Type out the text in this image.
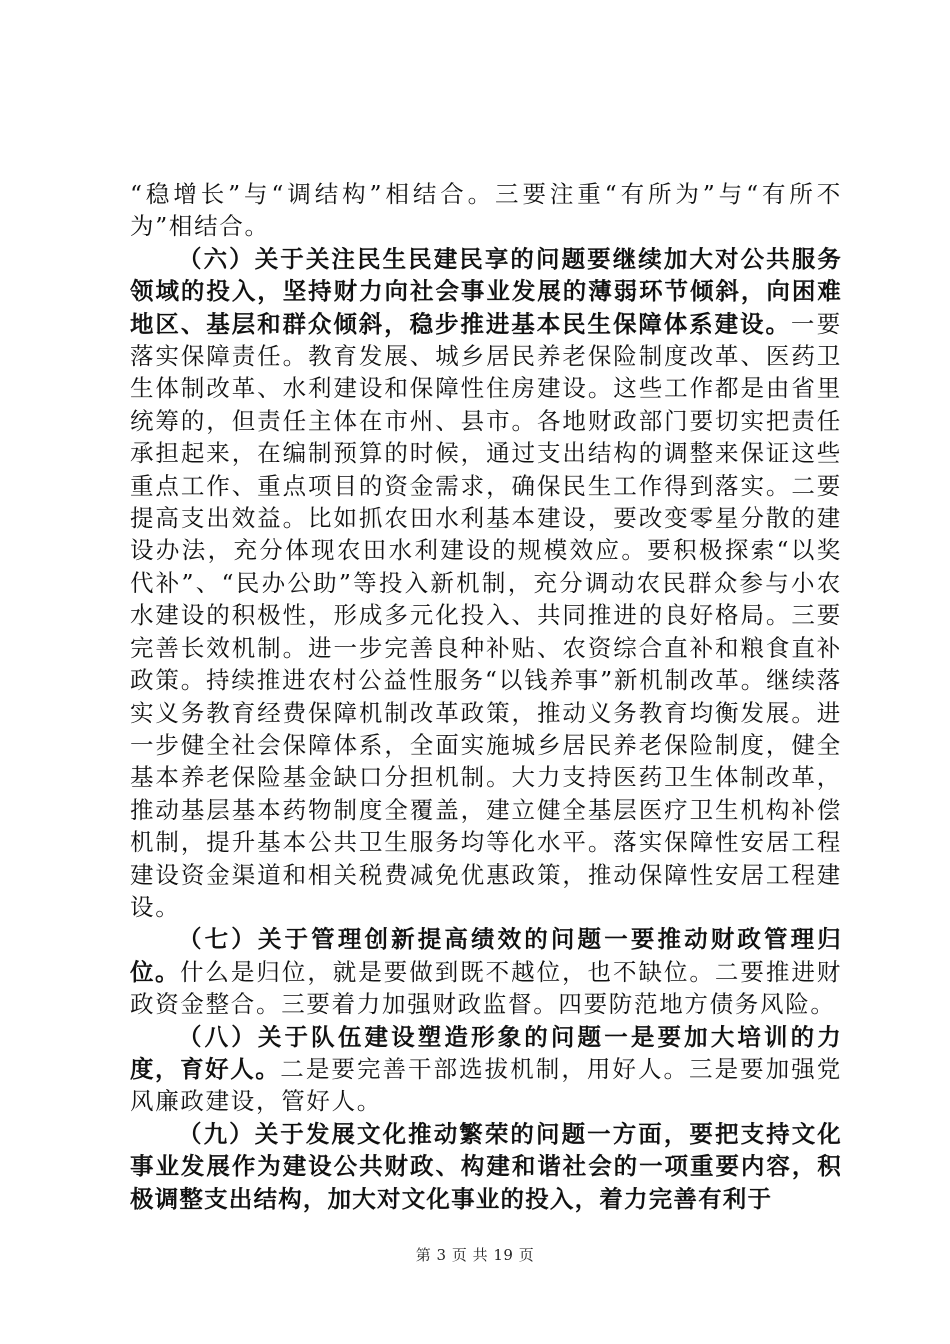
“稳增长”与“调结构”相结合。三要注重“有所为”与“有所不为”相结合。

（六）关于关注民生民建民享的问题要继续加大对公共服务领域的投入，坚持财力向社会事业发展的薄弱环节倾斜，向困难地区、基层和群众倾斜，稳步推进基本民生保障体系建设。一要落实保障责任。教育发展、城乡居民养老保险制度改革、医药卫生体制改革、水利建设和保障性住房建设。这些工作都是由省里统筹的，但责任主体在市州、县市。各地财政部门要切实把责任承担起来，在编制预算的时候，通过支出结构的调整来保证这些重点工作、重点项目的资金需求，确保民生工作得到落实。二要提高支出效益。比如抓农田水利基本建设，要改变零星分散的建设办法，充分体现农田水利建设的规模效应。要积极探索“以奖代补”、“民办公助”等投入新机制，充分调动农民群众参与小农水建设的积极性，形成多元化投入、共同推进的良好格局。三要完善长效机制。进一步完善良种补贴、农资综合直补和粮食直补政策。持续推进农村公益性服务“以钱养事”新机制改革。继续落实义务教育经费保障机制改革政策，推动义务教育均衡发展。进一步健全社会保障体系，全面实施城乡居民养老保险制度，健全基本养老保险基金缺口分担机制。大力支持医药卫生体制改革，推动基层基本药物制度全覆盖，建立健全基层医疗卫生机构补偿机制，提升基本公共卫生服务均等化水平。落实保障性安居工程建设资金渠道和相关税费减免优惠政策，推动保障性安居工程建设。

（七）关于管理创新提高绩效的问题一要推动财政管理归位。什么是归位，就是要做到既不越位，也不缺位。二要推进财政资金整合。三要着力加强财政监督。四要防范地方债务风险。

（八）关于队伍建设塑造形象的问题一是要加大培训的力度，育好人。二是要完善干部选拔机制，用好人。三是要加强党风廉政建设，管好人。

（九）关于发展文化推动繁荣的问题一方面，要把支持文化事业发展作为建设公共财政、构建和谐社会的一项重要内容，积极调整支出结构，加大对文化事业的投入，着力完善有利于

第 3 页 共 19 页
